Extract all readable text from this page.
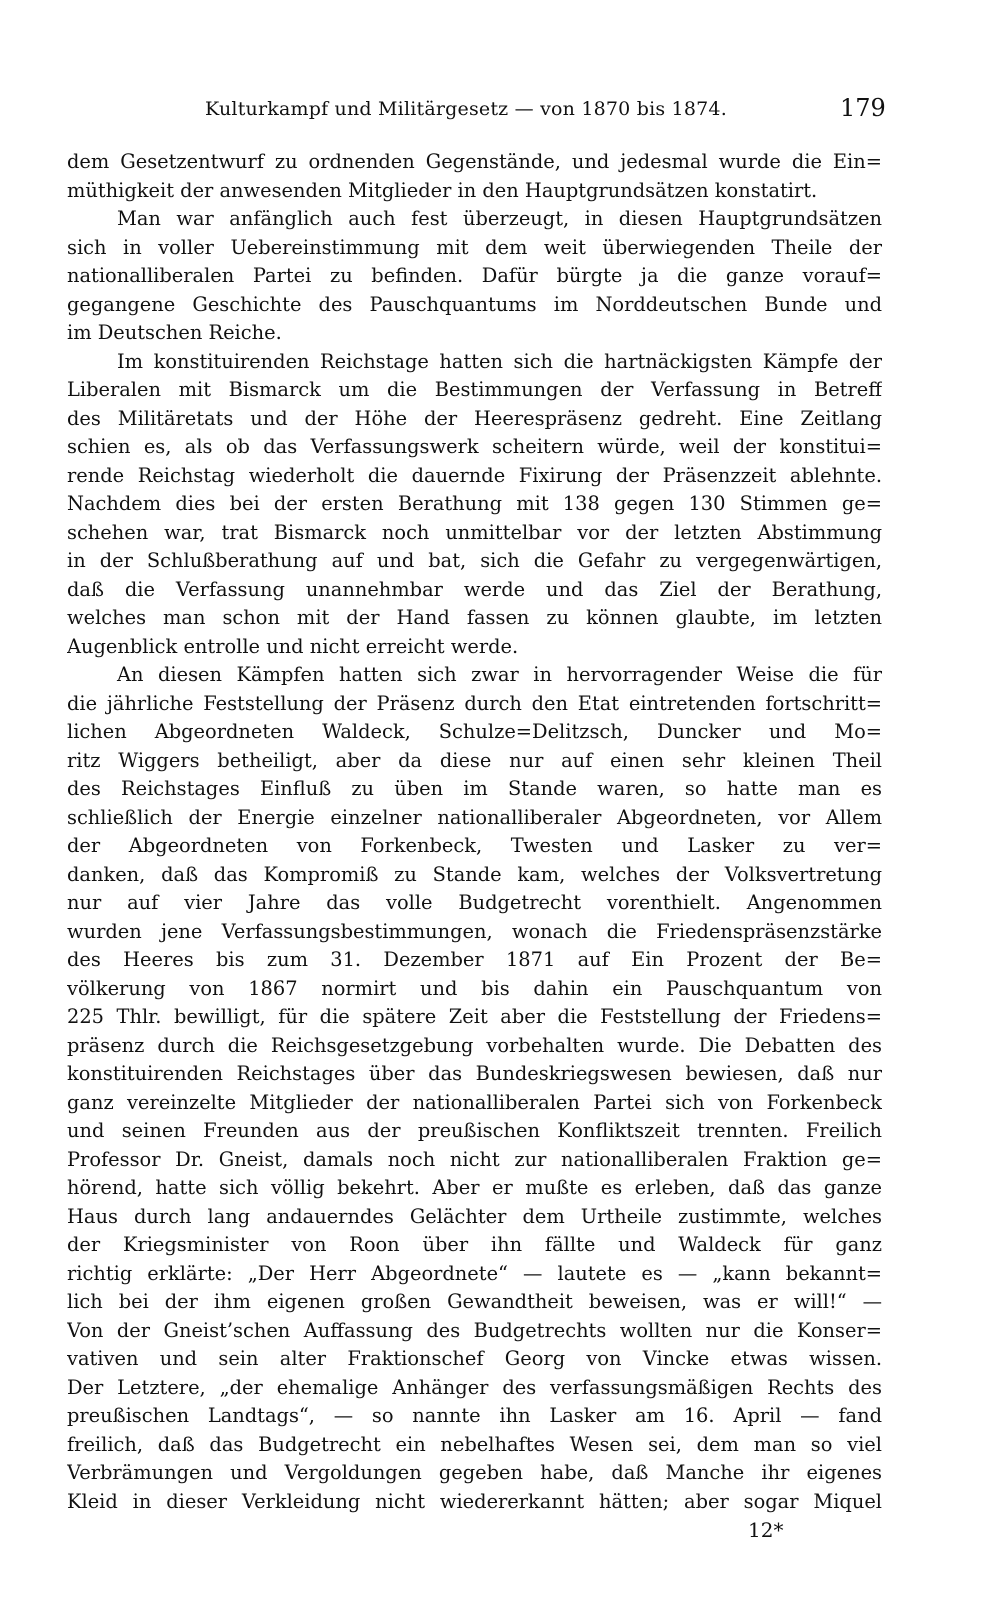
Kulturkampf und Militärgesetz — von 1870 bis 1874.	179
dem Gesetzentwurf zu ordnenden Gegenstände, und jedesmal wurde die Ein=
müthigkeit der anwesenden Mitglieder in den Hauptgrundsätzen konstatirt.
Man war anfänglich auch fest überzeugt, in diesen Hauptgrundsätzen
sich in voller Uebereinstimmung mit dem weit überwiegenden Theile der
nationalliberalen Partei zu befinden. Dafür bürgte ja die ganze vorauf=
gegangene Geschichte des Pauschquantums im Norddeutschen Bunde und
im Deutschen Reiche.
Im konstituirenden Reichstage hatten sich die hartnäckigsten Kämpfe der
Liberalen mit Bismarck um die Bestimmungen der Verfassung in Betreff
des Militäretats und der Höhe der Heerespräsenz gedreht. Eine Zeitlang
schien es, als ob das Verfassungswerk scheitern würde, weil der konstitui=
rende Reichstag wiederholt die dauernde Fixirung der Präsenzzeit ablehnte.
Nachdem dies bei der ersten Berathung mit 138 gegen 130 Stimmen ge=
schehen war, trat Bismarck noch unmittelbar vor der letzten Abstimmung
in der Schlußberathung auf und bat, sich die Gefahr zu vergegenwärtigen,
daß die Verfassung unannehmbar werde und das Ziel der Berathung,
welches man schon mit der Hand fassen zu können glaubte, im letzten
Augenblick entrolle und nicht erreicht werde.
An diesen Kämpfen hatten sich zwar in hervorragender Weise die für
die jährliche Feststellung der Präsenz durch den Etat eintretenden fortschritt=
lichen Abgeordneten Waldeck, Schulze=Delitzsch, Duncker und Mo=
ritz Wiggers betheiligt, aber da diese nur auf einen sehr kleinen Theil
des Reichstages Einfluß zu üben im Stande waren, so hatte man es
schließlich der Energie einzelner nationalliberaler Abgeordneten, vor Allem
der Abgeordneten von Forkenbeck, Twesten und Lasker zu ver=
danken, daß das Kompromiß zu Stande kam, welches der Volksvertretung
nur auf vier Jahre das volle Budgetrecht vorenthielt. Angenommen
wurden jene Verfassungsbestimmungen, wonach die Friedenspräsenzstärke
des Heeres bis zum 31. Dezember 1871 auf Ein Prozent der Be=
völkerung von 1867 normirt und bis dahin ein Pauschquantum von
225 Thlr. bewilligt, für die spätere Zeit aber die Feststellung der Friedens=
präsenz durch die Reichsgesetzgebung vorbehalten wurde. Die Debatten des
konstituirenden Reichstages über das Bundeskriegswesen bewiesen, daß nur
ganz vereinzelte Mitglieder der nationalliberalen Partei sich von Forkenbeck
und seinen Freunden aus der preußischen Konfliktszeit trennten. Freilich
Professor Dr. Gneist, damals noch nicht zur nationalliberalen Fraktion ge=
hörend, hatte sich völlig bekehrt. Aber er mußte es erleben, daß das ganze
Haus durch lang andauerndes Gelächter dem Urtheile zustimmte, welches
der Kriegsminister von Roon über ihn fällte und Waldeck für ganz
richtig erklärte: „Der Herr Abgeordnete“ — lautete es — „kann bekannt=
lich bei der ihm eigenen großen Gewandtheit beweisen, was er will!“ —
Von der Gneist’schen Auffassung des Budgetrechts wollten nur die Konser=
vativen und sein alter Fraktionschef Georg von Vincke etwas wissen.
Der Letztere, „der ehemalige Anhänger des verfassungsmäßigen Rechts des
preußischen Landtags“, — so nannte ihn Lasker am 16. April — fand
freilich, daß das Budgetrecht ein nebelhaftes Wesen sei, dem man so viel
Verbrämungen und Vergoldungen gegeben habe, daß Manche ihr eigenes
Kleid in dieser Verkleidung nicht wiedererkannt hätten; aber sogar Miquel
12*
